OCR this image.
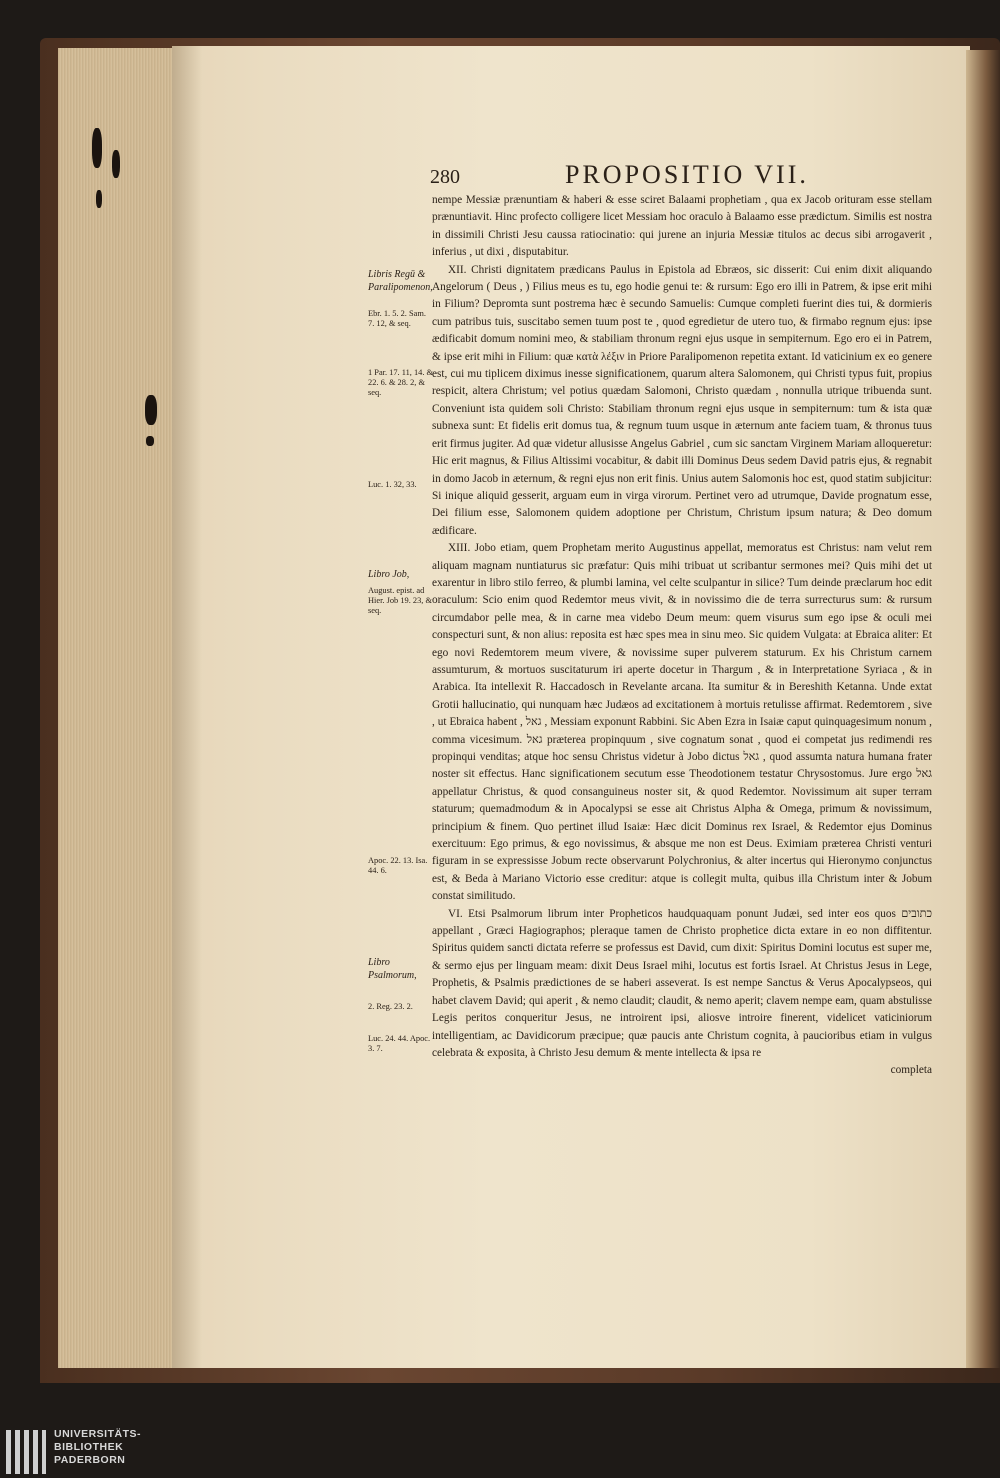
280	PROPOSITIO VII.
Libris Regū & Paralipomenon,
Ebr. 1. 5. 2. Sam. 7. 12, & seq.
1 Par. 17. 11, 14. & 22. 6. & 28. 2, & seq.
Luc. 1. 32, 33.
Libro Job,
August. epist. ad Hier. Job 19. 23, & seq.
Apoc. 22. 13. Isa. 44. 6.
Libro Psalmorum,
2. Reg. 23. 2.
Luc. 24. 44. Apoc. 3. 7.

nempe Messiæ prænuntiam & haberi & esse sciret Balaami prophetiam , qua ex Jacob orituram esse stellam prænuntiavit. Hinc profecto colligere licet Messiam hoc oraculo à Balaamo esse prædictum. Similis est nostra in dissimili Christi Jesu caussa ratiocinatio: qui jurene an injuria Messiæ titulos ac decus sibi arrogaverit , inferius , ut dixi , disputabitur.

XII. Christi dignitatem prædicans Paulus in Epistola ad Ebræos, sic disserit: Cui enim dixit aliquando Angelorum ( Deus , ) Filius meus es tu, ego hodie genui te: & rursum: Ego ero illi in Patrem, & ipse erit mihi in Filium? Depromta sunt postrema hæc è secundo Samuelis: Cumque completi fuerint dies tui, & dormieris cum patribus tuis, suscitabo semen tuum post te , quod egredietur de utero tuo, & firmabo regnum ejus: ipse ædificabit domum nomini meo, & stabiliam thronum regni ejus usque in sempiternum. Ego ero ei in Patrem, & ipse erit mihi in Filium: quæ κατὰ λέξιν in Priore Paralipomenon repetita extant. Id vaticinium ex eo genere est, cui mu tiplicem diximus inesse significationem, quarum altera Salomonem, qui Christi typus fuit, propius respicit, altera Christum; vel potius quædam Salomoni, Christo quædam , nonnulla utrique tribuenda sunt. Conveniunt ista quidem soli Christo: Stabiliam thronum regni ejus usque in sempiternum: tum & ista quæ subnexa sunt: Et fidelis erit domus tua, & regnum tuum usque in æternum ante faciem tuam, & thronus tuus erit firmus jugiter. Ad quæ videtur allusisse Angelus Gabriel , cum sic sanctam Virginem Mariam alloqueretur: Hic erit magnus, & Filius Altissimi vocabitur, & dabit illi Dominus Deus sedem David patris ejus, & regnabit in domo Jacob in æternum, & regni ejus non erit finis. Unius autem Salomonis hoc est, quod statim subjicitur: Si inique aliquid gesserit, arguam eum in virga virorum. Pertinet vero ad utrumque, Davide prognatum esse, Dei filium esse, Salomonem quidem adoptione per Christum, Christum ipsum natura; & Deo domum ædificare.

XIII. Jobo etiam, quem Prophetam merito Augustinus appellat, memoratus est Christus: nam velut rem aliquam magnam nuntiaturus sic præfatur: Quis mihi tribuat ut scribantur sermones mei? Quis mihi det ut exarentur in libro stilo ferreo, & plumbi lamina, vel celte sculpantur in silice? Tum deinde præclarum hoc edit oraculum: Scio enim quod Redemtor meus vivit, & in novissimo die de terra surrecturus sum: & rursum circumdabor pelle mea, & in carne mea videbo Deum meum: quem visurus sum ego ipse & oculi mei conspecturi sunt, & non alius: reposita est hæc spes mea in sinu meo. Sic quidem Vulgata: at Ebraica aliter: Et ego novi Redemtorem meum vivere, & novissime super pulverem staturum. Ex his Christum carnem assumturum, & mortuos suscitaturum iri aperte docetur in Thargum , & in Interpretatione Syriaca , & in Arabica. Ita intellexit R. Haccadosch in Revelante arcana. Ita sumitur & in Bereshith Ketanna. Unde extat Grotii hallucinatio, qui nunquam hæc Judæos ad excitationem à mortuis retulisse affirmat. Redemtorem , sive , ut Ebraica habent , גאל , Messiam exponunt Rabbini. Sic Aben Ezra in Isaiæ caput quinquagesimum nonum , comma vicesimum. גאל præterea propinquum , sive cognatum sonat , quod ei competat jus redimendi res propinqui venditas; atque hoc sensu Christus videtur à Jobo dictus גאל , quod assumta natura humana frater noster sit effectus. Hanc significationem secutum esse Theodotionem testatur Chrysostomus. Jure ergo גאל appellatur Christus, & quod consanguineus noster sit, & quod Redemtor. Novissimum ait super terram staturum; quemadmodum & in Apocalypsi se esse ait Christus Alpha & Omega, primum & novissimum, principium & finem. Quo pertinet illud Isaiæ: Hæc dicit Dominus rex Israel, & Redemtor ejus Dominus exercituum: Ego primus, & ego novissimus, & absque me non est Deus. Eximiam præterea Christi venturi figuram in se expressisse Jobum recte observarunt Polychronius, & alter incertus qui Hieronymo conjunctus est, & Beda à Mariano Victorio esse creditur: atque is collegit multa, quibus illa Christum inter & Jobum constat similitudo.

VI. Etsi Psalmorum librum inter Propheticos haudquaquam ponunt Judæi, sed inter eos quos כתובים appellant , Græci Hagiographos; pleraque tamen de Christo prophetice dicta extare in eo non diffitentur. Spiritus quidem sancti dictata referre se professus est David, cum dixit: Spiritus Domini locutus est super me, & sermo ejus per linguam meam: dixit Deus Israel mihi, locutus est fortis Israel. At Christus Jesus in Lege, Prophetis, & Psalmis prædictiones de se haberi asseverat. Is est nempe Sanctus & Verus Apocalypseos, qui habet clavem David; qui aperit , & nemo claudit; claudit, & nemo aperit; clavem nempe eam, quam abstulisse Legis peritos conqueritur Jesus, ne introirent ipsi, aliosve introire finerent, videlicet vaticiniorum intelligentiam, ac Davidicorum præcipue; quæ paucis ante Christum cognita, à paucioribus etiam in vulgus celebrata & exposita, à Christo Jesu demum & mente intellecta & ipsa re

completa

UNIVERSITÄTS-
BIBLIOTHEK
PADERBORN
